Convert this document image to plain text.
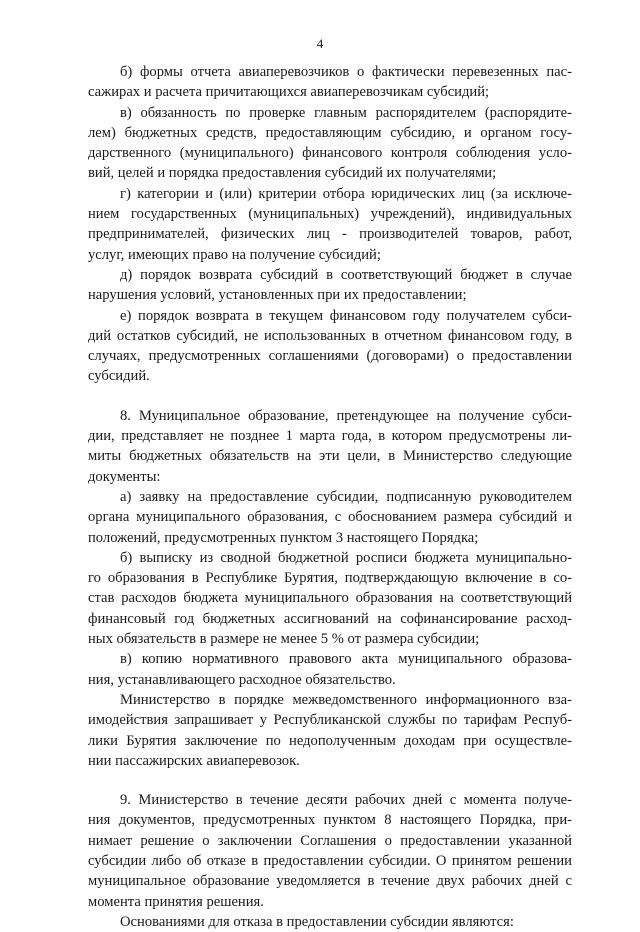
4
б) формы отчета авиаперевозчиков о фактически перевезенных пас-
сажирах и расчета причитающихся авиаперевозчикам субсидий;
в) обязанность по проверке главным распорядителем (распорядите-
лем) бюджетных средств, предоставляющим субсидию, и органом госу-
дарственного (муниципального) финансового контроля соблюдения усло-
вий, целей и порядка предоставления субсидий их получателями;
г) категории и (или) критерии отбора юридических лиц (за исключе-
нием государственных (муниципальных) учреждений), индивидуальных
предпринимателей, физических лиц - производителей товаров, работ,
услуг, имеющих право на получение субсидий;
д) порядок возврата субсидий в соответствующий бюджет в случае
нарушения условий, установленных при их предоставлении;
е) порядок возврата в текущем финансовом году получателем субси-
дий остатков субсидий, не использованных в отчетном финансовом году, в
случаях, предусмотренных соглашениями (договорами) о предоставлении
субсидий.
8. Муниципальное образование, претендующее на получение субси-
дии, представляет не позднее 1 марта года, в котором предусмотрены ли-
миты бюджетных обязательств на эти цели, в Министерство следующие
документы:
а) заявку на предоставление субсидии, подписанную руководителем
органа муниципального образования, с обоснованием размера субсидий и
положений, предусмотренных пунктом 3 настоящего Порядка;
б) выписку из сводной бюджетной росписи бюджета муниципально-
го образования в Республике Бурятия, подтверждающую включение в со-
став расходов бюджета муниципального образования на соответствующий
финансовый год бюджетных ассигнований на софинансирование расход-
ных обязательств в размере не менее 5 % от размера субсидии;
в) копию нормативного правового акта муниципального образова-
ния, устанавливающего расходное обязательство.
Министерство в порядке межведомственного информационного вза-
имодействия запрашивает у Республиканской службы по тарифам Респуб-
лики Бурятия заключение по недополученным доходам при осуществле-
нии пассажирских авиаперевозок.
9. Министерство в течение десяти рабочих дней с момента получе-
ния документов, предусмотренных пунктом 8 настоящего Порядка, при-
нимает решение о заключении Соглашения о предоставлении указанной
субсидии либо об отказе в предоставлении субсидии. О принятом решении
муниципальное образование уведомляется в течение двух рабочих дней с
момента принятия решения.
Основаниями для отказа в предоставлении субсидии являются:
